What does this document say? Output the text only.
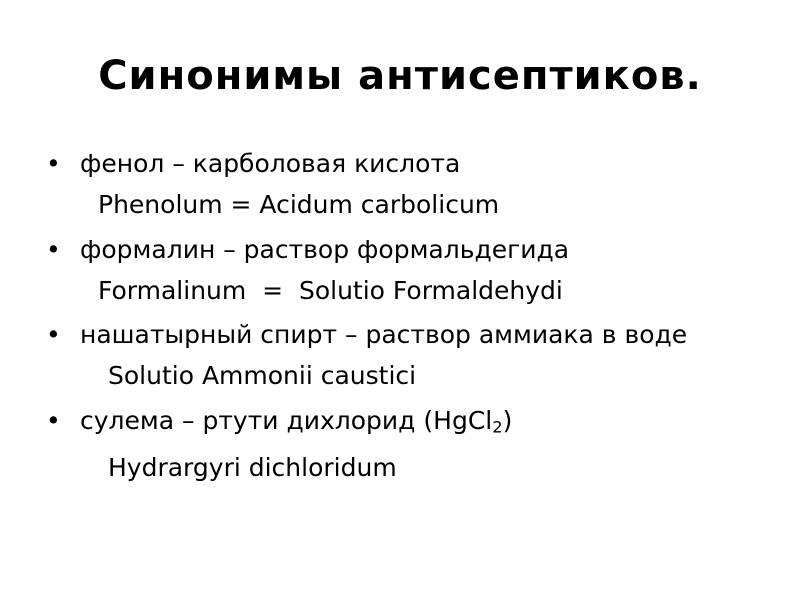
Синонимы антисептиков.
• фенол – карболовая кислота
Phenolum = Acidum carbolicum
• формалин – раствор формальдегида
Formalinum  =  Solutio Formaldehydi
• нашатырный спирт – раствор аммиака в воде
Solutio Ammonii caustici
• сулема – ртути дихлорид (HgCl$_2$)
Hydrargyri dichloridum
